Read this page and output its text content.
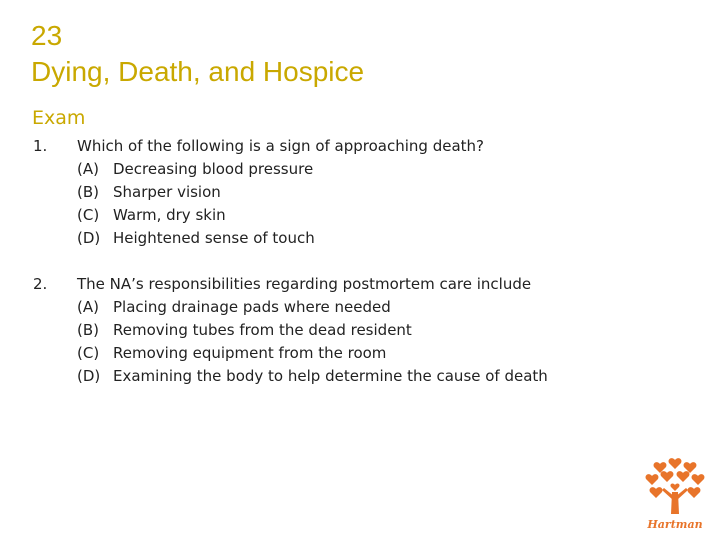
23
Dying, Death, and Hospice
Exam
1. Which of the following is a sign of approaching death?
(A) Decreasing blood pressure
(B) Sharper vision
(C) Warm, dry skin
(D) Heightened sense of touch
2. The NA’s responsibilities regarding postmortem care include
(A) Placing drainage pads where needed
(B) Removing tubes from the dead resident
(C) Removing equipment from the room
(D) Examining the body to help determine the cause of death
Hartman
